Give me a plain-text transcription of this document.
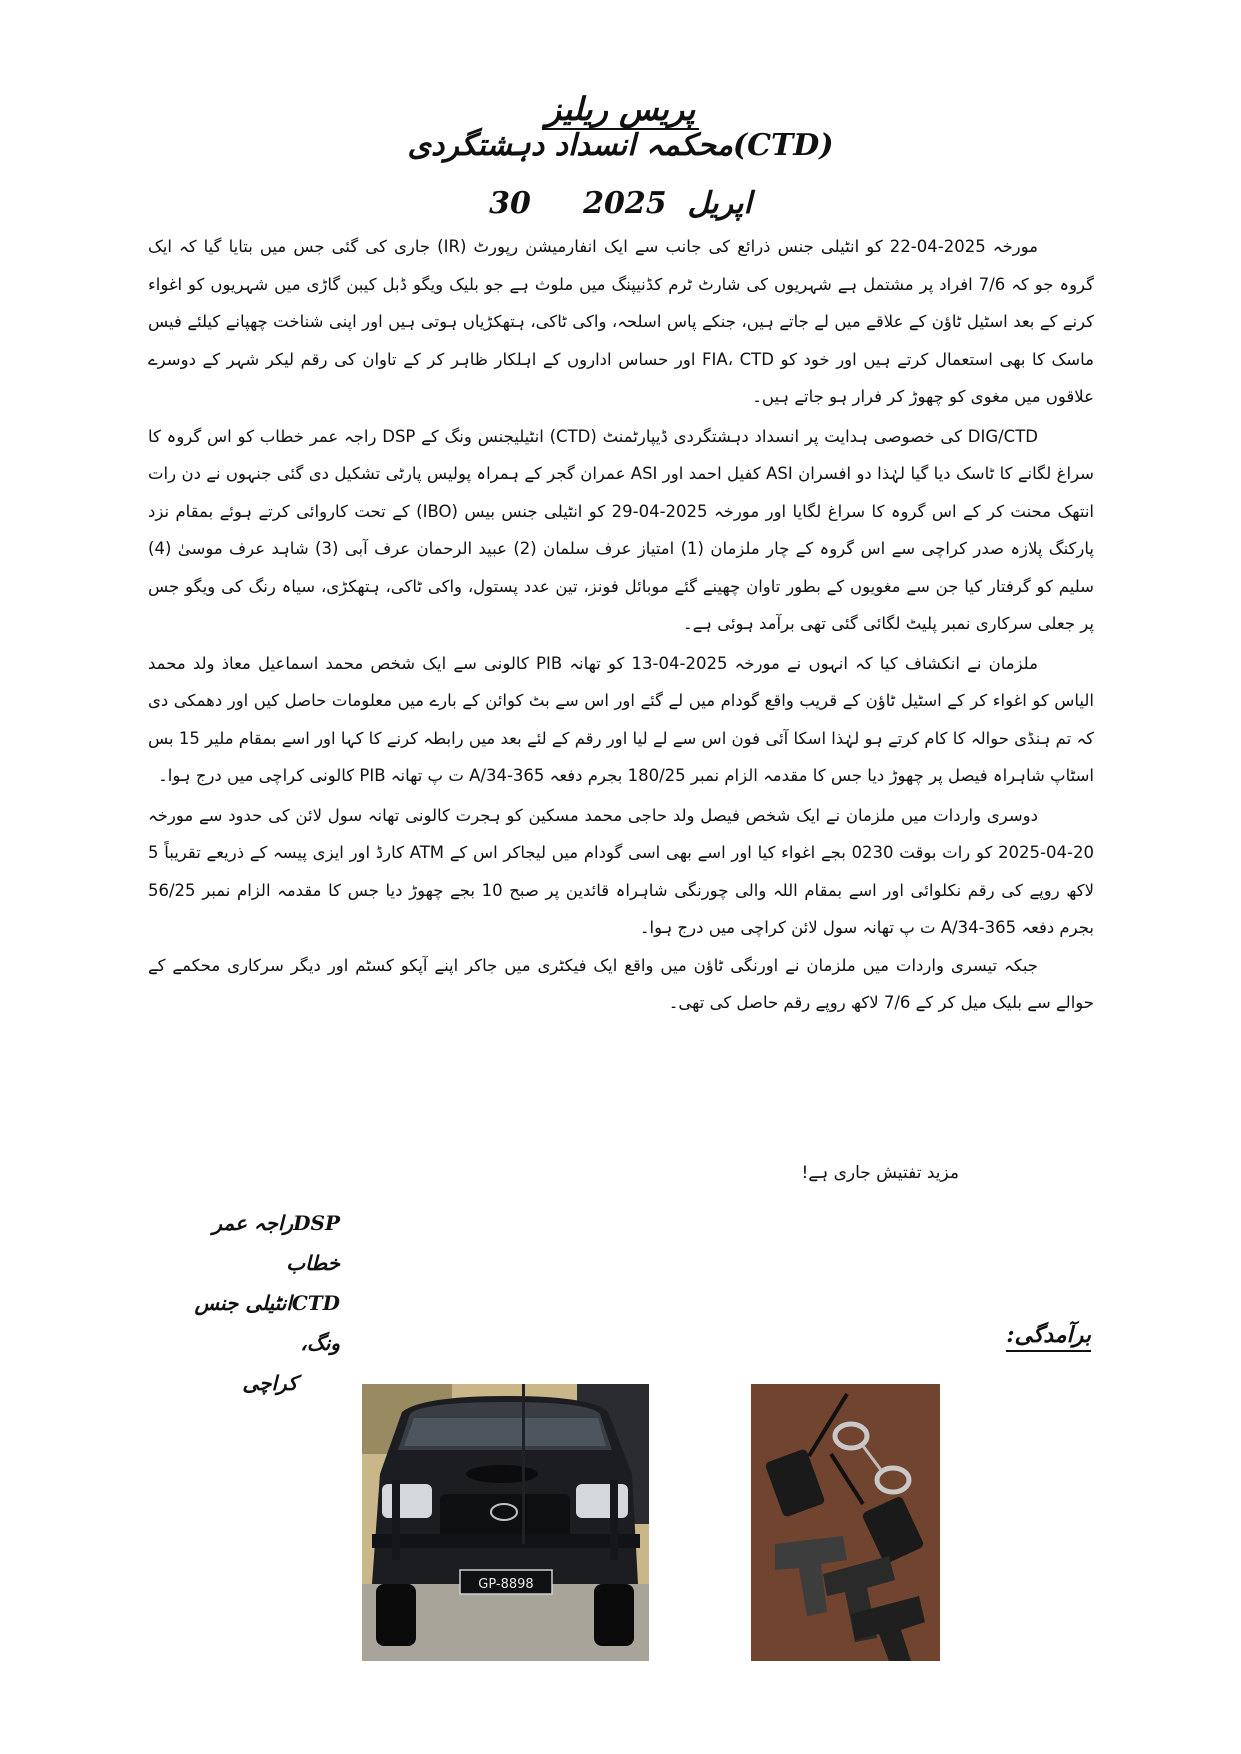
پریس ریلیز
محکمہ انسداد دہشتگردی(CTD)
30     اپریل  2025

مورخہ 2025-04-22 کو انٹیلی جنس ذرائع کی جانب سے ایک انفارمیشن رپورٹ (IR) جاری کی گئی جس میں بتایا گیا کہ ایک گروہ جو کہ 7/6 افراد پر مشتمل ہے شہریوں کی شارٹ ٹرم کڈنیپنگ میں ملوث ہے جو بلیک ویگو ڈبل کیبن گاڑی میں شہریوں کو اغواء کرنے کے بعد اسٹیل ٹاؤن کے علاقے میں لے جاتے ہیں، جنکے پاس اسلحہ، واکی ٹاکی، ہتھکڑیاں ہوتی ہیں اور اپنی شناخت چھپانے کیلئے فیس ماسک کا بھی استعمال کرتے ہیں اور خود کو FIA، CTD اور حساس اداروں کے اہلکار ظاہر کر کے تاوان کی رقم لیکر شہر کے دوسرے علاقوں میں مغوی کو چھوڑ کر فرار ہو جاتے ہیں۔

DIG/CTD کی خصوصی ہدایت پر انسداد دہشتگردی ڈیپارٹمنٹ (CTD) انٹیلیجنس ونگ کے DSP راجہ عمر خطاب کو اس گروہ کا سراغ لگانے کا ٹاسک دیا گیا لہٰذا دو افسران ASI کفیل احمد اور ASI عمران گجر کے ہمراہ پولیس پارٹی تشکیل دی گئی جنہوں نے دن رات انتھک محنت کر کے اس گروہ کا سراغ لگایا اور مورخہ 2025-04-29 کو انٹیلی جنس بیس (IBO) کے تحت کاروائی کرتے ہوئے بمقام نزد پارکنگ پلازہ صدر کراچی سے اس گروہ کے چار ملزمان (1) امتیاز عرف سلمان (2) عبید الرحمان عرف آبی (3) شاہد عرف موسیٰ (4) سلیم کو گرفتار کیا جن سے مغویوں کے بطور تاوان چھینے گئے موبائل فونز، تین عدد پستول، واکی ٹاکی، ہتھکڑی، سیاہ رنگ کی ویگو جس پر جعلی سرکاری نمبر پلیٹ لگائی گئی تھی برآمد ہوئی ہے۔

ملزمان نے انکشاف کیا کہ انہوں نے مورخہ 2025-04-13 کو تھانہ PIB کالونی سے ایک شخص محمد اسماعیل معاذ ولد محمد الیاس کو اغواء کر کے اسٹیل ٹاؤن کے قریب واقع گودام میں لے گئے اور اس سے بٹ کوائن کے بارے میں معلومات حاصل کیں اور دھمکی دی کہ تم ہنڈی حوالہ کا کام کرتے ہو لہٰذا اسکا آئی فون اس سے لے لیا اور رقم کے لئے بعد میں رابطہ کرنے کا کہا اور اسے بمقام ملیر 15 بس اسٹاپ شاہراہ فیصل پر چھوڑ دیا جس کا مقدمہ الزام نمبر 180/25 بجرم دفعہ 365-A/34 ت پ تھانہ PIB کالونی کراچی میں درج ہوا۔

دوسری واردات میں ملزمان نے ایک شخص فیصل ولد حاجی محمد مسکین کو ہجرت کالونی تھانہ سول لائن کی حدود سے مورخہ 20-04-2025 کو رات بوقت 0230 بجے اغواء کیا اور اسے بھی اسی گودام میں لیجاکر اس کے ATM کارڈ اور ایزی پیسہ کے ذریعے تقریباً 5 لاکھ روپے کی رقم نکلوائی اور اسے بمقام اللہ والی چورنگی شاہراہ قائدین پر صبح 10 بجے چھوڑ دیا جس کا مقدمہ الزام نمبر 56/25 بجرم دفعہ 365-A/34 ت پ تھانہ سول لائن کراچی میں درج ہوا۔

جبکہ تیسری واردات میں ملزمان نے اورنگی ٹاؤن میں واقع ایک فیکٹری میں جاکر اپنے آپکو کسٹم اور دیگر سرکاری محکمے کے حوالے سے بلیک میل کر کے 7/6 لاکھ روپے رقم حاصل کی تھی۔

مزید تفتیش جاری ہے!
DSPراجہ عمر خطاب
CTDانٹیلی جنس ونگ،
کراچی
برآمدگی:
GP-8898
